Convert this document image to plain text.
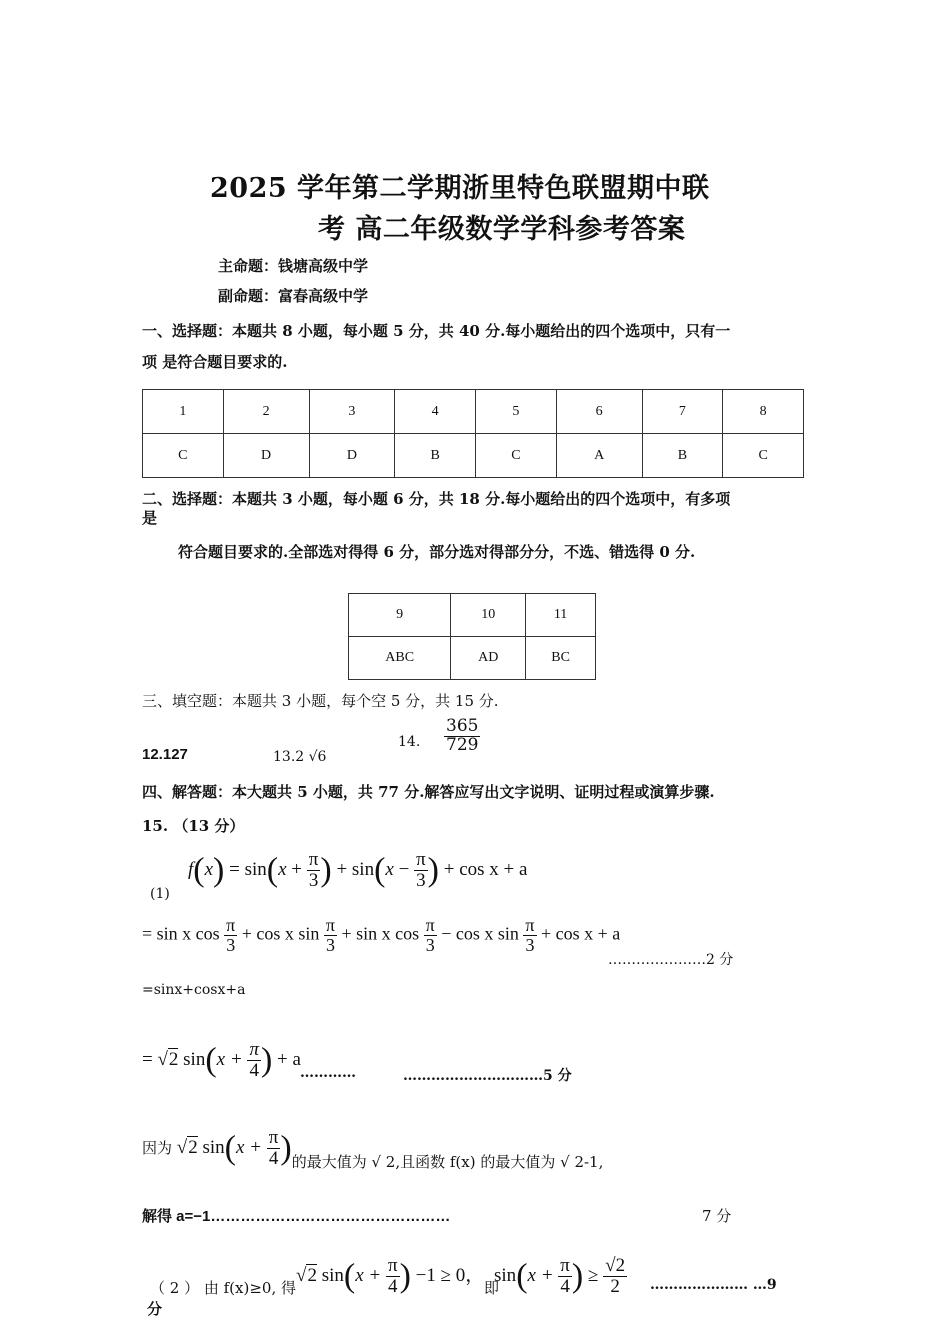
2025 学年第二学期浙里特色联盟期中联
考 高二年级数学学科参考答案
主命题：钱塘高级中学
副命题：富春高级中学
一、选择题：本题共 8 小题，每小题 5 分，共 40 分.每小题给出的四个选项中，只有一
项 是符合题目要求的.
1	2	3	4	5	6	7	8
C	D	D	B	C	A	B	C
二、选择题：本题共 3 小题，每小题 6 分，共 18 分.每小题给出的四个选项中，有多项
是
符合题目要求的.全部选对得得 6 分，部分选对得部分分，不选、错选得 0 分.
9	10	11
ABC	AD	BC
三、填空题：本题共 3 小题，每个空 5 分，共 15 分.
12.127	13.2 √6
14. $\frac{365}{729}$
四、解答题：本大题共 5 小题，共 77 分.解答应写出文字说明、证明过程或演算步骤.
15. （13 分）
(1)
$f(x) = \sin(x + \frac{\pi}{3}$ ) + $\sin(x - \frac{\pi}{3}$ ) + cos x + a
= sin x $\cos \frac{\pi}{3} + \cos x$ $\sin \frac{\pi}{3} + \sin x$ $\cos \frac{\pi}{3} - \cos x$ $\sin \frac{\pi}{3} + \cos x + a$
…………………2 分
=sinx+cosx+a
= √2 $\sin(x + \frac{\pi}{4}$ ) + a
…………	…………………………5 分
因为 √2 $\sin(x + \frac{\pi}{4}$ )的最大值为 √ 2,且函数 f(x) 的最大值为 √ 2-1,
解得 a=−1…………………………………………	7 分
（ 2 ） 由 f(x)≥0, 得
√2 $\sin(x + \frac{\pi}{4}$ ) −1 ≥ 0，
即
$\sin(x + \frac{\pi}{4}$ ) ≥ $\frac{√2}{2}$ ………………… …9
分
